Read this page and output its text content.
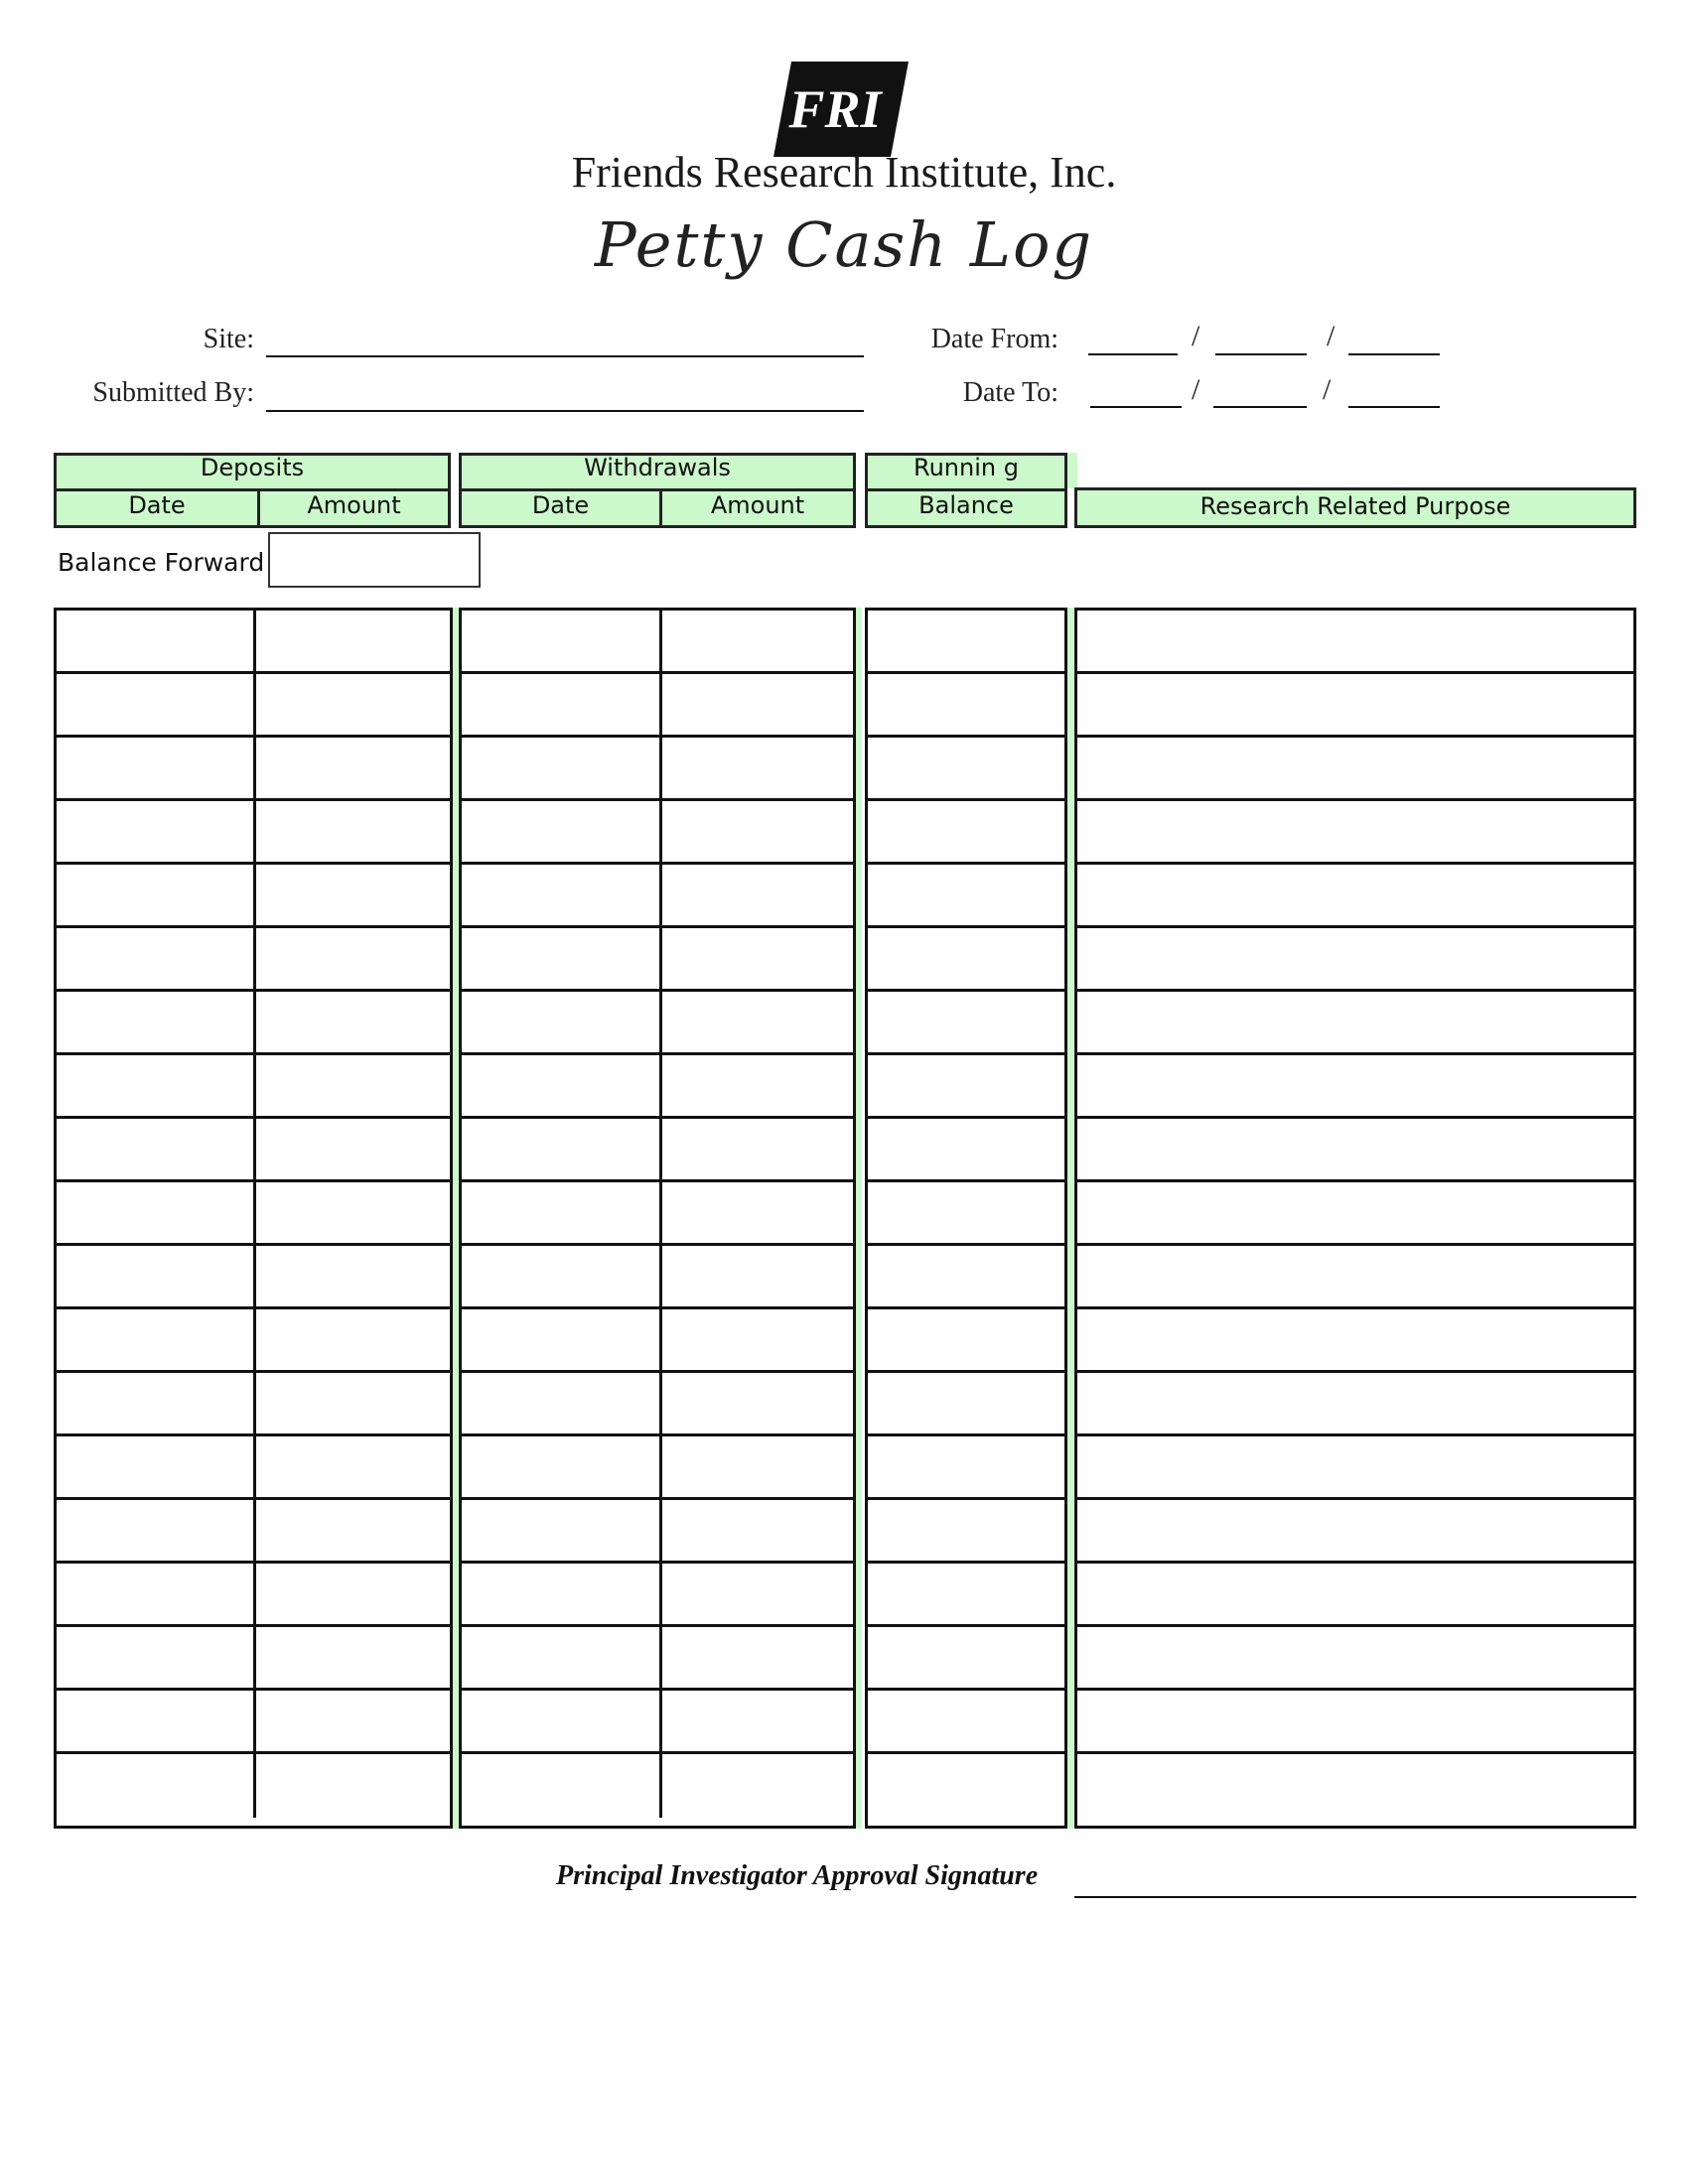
FRI
Friends Research Institute, Inc.
Petty Cash Log
Site:
Submitted By:
Date From:	/	/
Date To:	/	/
Deposits
Date	Amount
Withdrawals
Date	Amount
Runnin g
Balance	Research Related Purpose
Balance Forward
Principal Investigator Approval Signature
